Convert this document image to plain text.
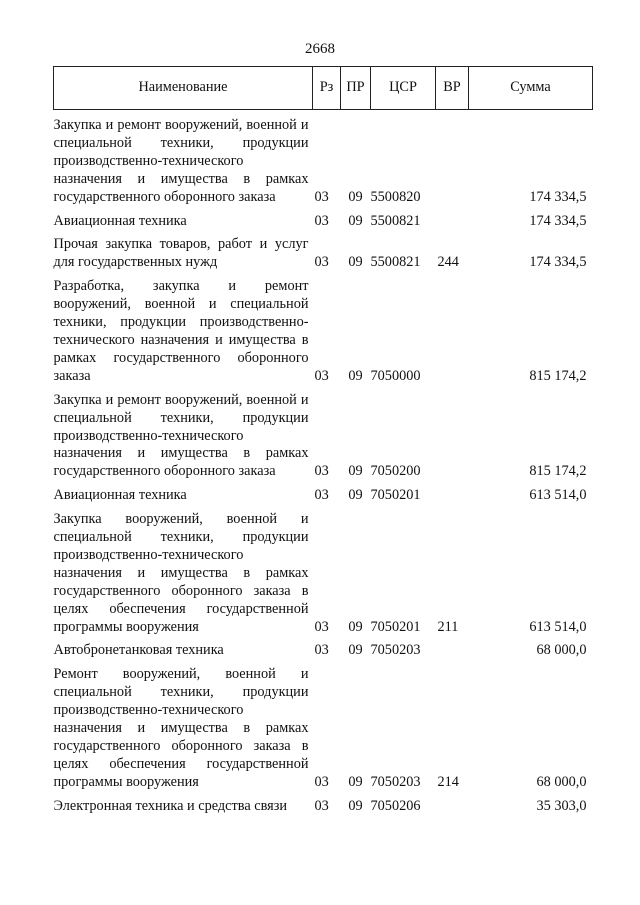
2668
Наименование	Рз	ПР	ЦСР	ВР	Сумма
Закупка и ремонт вооружений, военной и специальной техники, продукции производственно-технического назначения и имущества в рамках государственного оборонного заказа	03	09	5500820		174 334,5
Авиационная техника	03	09	5500821		174 334,5
Прочая закупка товаров, работ и услуг для государственных нужд	03	09	5500821	244	174 334,5
Разработка, закупка и ремонт вооружений, военной и специальной техники, продукции производственно-технического назначения и имущества в рамках государственного оборонного заказа	03	09	7050000		815 174,2
Закупка и ремонт вооружений, военной и специальной техники, продукции производственно-технического назначения и имущества в рамках государственного оборонного заказа	03	09	7050200		815 174,2
Авиационная техника	03	09	7050201		613 514,0
Закупка вооружений, военной и специальной техники, продукции производственно-технического назначения и имущества в рамках государственного оборонного заказа в целях обеспечения государственной программы вооружения	03	09	7050201	211	613 514,0
Автобронетанковая техника	03	09	7050203		68 000,0
Ремонт вооружений, военной и специальной техники, продукции производственно-технического назначения и имущества в рамках государственного оборонного заказа в целях обеспечения государственной программы вооружения	03	09	7050203	214	68 000,0
Электронная техника и средства связи	03	09	7050206		35 303,0
